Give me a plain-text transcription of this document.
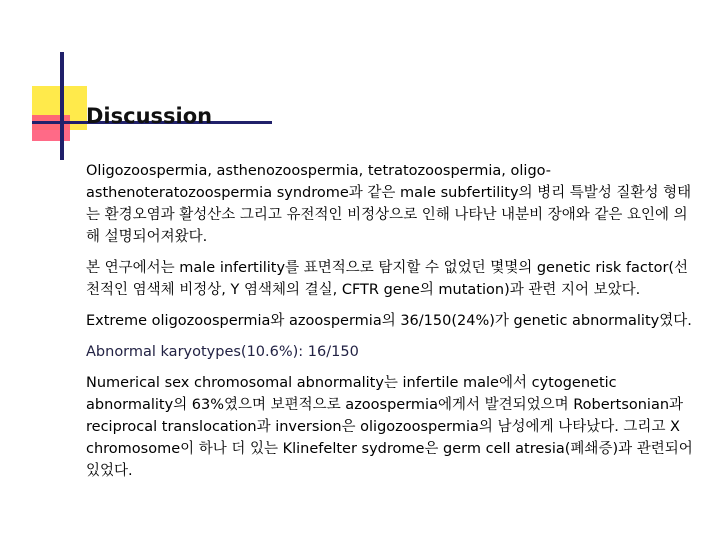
Discussion

Oligozoospermia, asthenozoospermia, tetratozoospermia, oligo-asthenoteratozoospermia syndrome과 같은 male subfertility의 병리 특발성 질환성 형태는 환경오염과 활성산소 그리고 유전적인 비정상으로 인해 나타난 내분비 장애와 같은 요인에 의해 설명되어져왔다.

본 연구에서는 male infertility를 표면적으로 탐지할 수 없었던 몇몇의 genetic risk factor(선천적인 염색체 비정상, Y 염색체의 결실, CFTR gene의 mutation)과 관련 지어 보았다.

Extreme oligozoospermia와 azoospermia의 36/150(24%)가 genetic abnormality였다.

Abnormal karyotypes(10.6%): 16/150

Numerical sex chromosomal abnormality는 infertile male에서 cytogenetic abnormality의 63%였으며 보편적으로 azoospermia에게서 발견되었으며 Robertsonian과 reciprocal translocation과 inversion은 oligozoospermia의 남성에게 나타났다. 그리고 X chromosome이 하나 더 있는 Klinefelter sydrome은 germ cell atresia(폐쇄증)과 관련되어 있었다.
